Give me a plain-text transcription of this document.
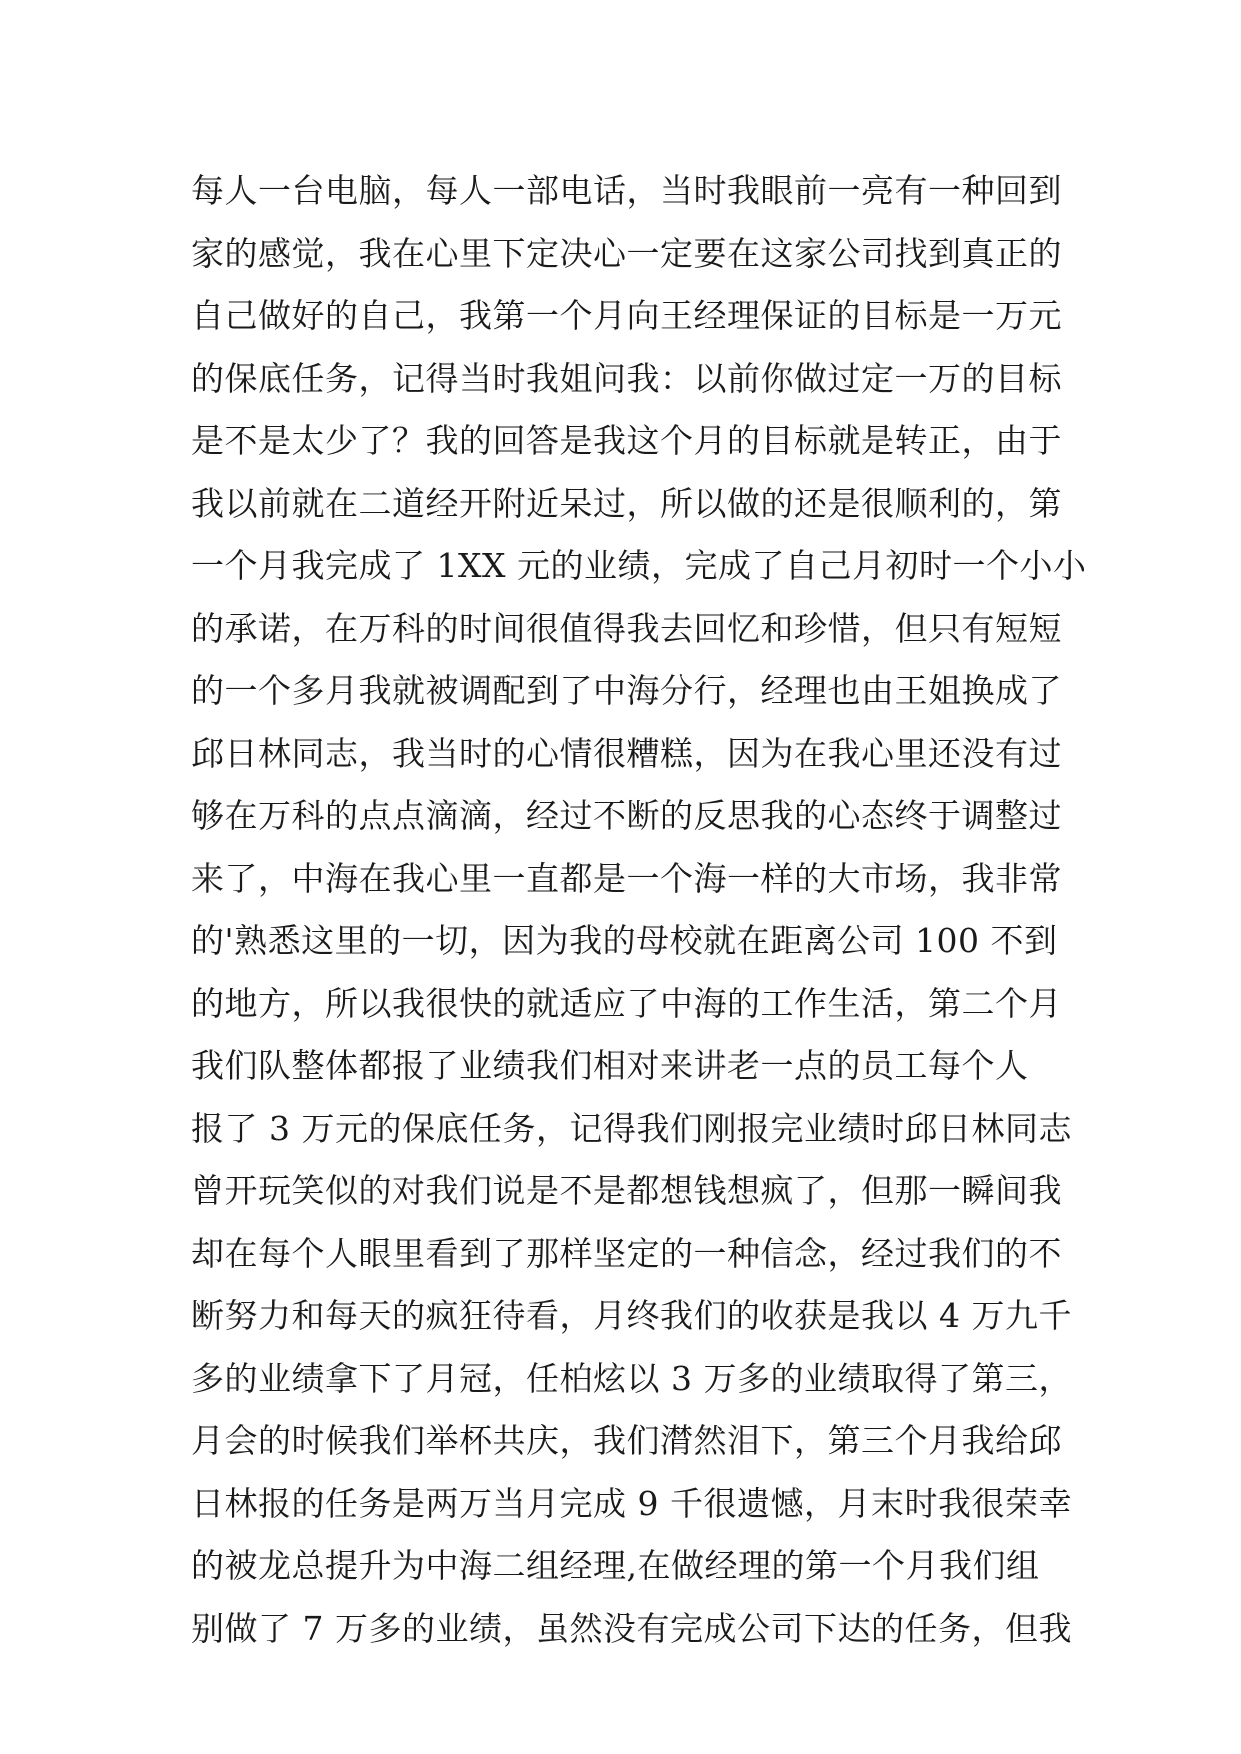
每人一台电脑，每人一部电话，当时我眼前一亮有一种回到
家的感觉，我在心里下定决心一定要在这家公司找到真正的
自己做好的自己，我第一个月向王经理保证的目标是一万元
的保底任务，记得当时我姐问我：以前你做过定一万的目标
是不是太少了？我的回答是我这个月的目标就是转正，由于
我以前就在二道经开附近呆过，所以做的还是很顺利的，第
一个月我完成了 1XX 元的业绩，完成了自己月初时一个小小
的承诺，在万科的时间很值得我去回忆和珍惜，但只有短短
的一个多月我就被调配到了中海分行，经理也由王姐换成了
邱日林同志，我当时的心情很糟糕，因为在我心里还没有过
够在万科的点点滴滴，经过不断的反思我的心态终于调整过
来了，中海在我心里一直都是一个海一样的大市场，我非常
的'熟悉这里的一切，因为我的母校就在距离公司 100 不到
的地方，所以我很快的就适应了中海的工作生活，第二个月
我们队整体都报了业绩我们相对来讲老一点的员工每个人
报了 3 万元的保底任务，记得我们刚报完业绩时邱日林同志
曾开玩笑似的对我们说是不是都想钱想疯了，但那一瞬间我
却在每个人眼里看到了那样坚定的一种信念，经过我们的不
断努力和每天的疯狂待看，月终我们的收获是我以 4 万九千
多的业绩拿下了月冠，任柏炫以 3 万多的业绩取得了第三，
月会的时候我们举杯共庆，我们潸然泪下，第三个月我给邱
日林报的任务是两万当月完成 9 千很遗憾，月末时我很荣幸
的被龙总提升为中海二组经理,在做经理的第一个月我们组
别做了 7 万多的业绩，虽然没有完成公司下达的任务，但我
